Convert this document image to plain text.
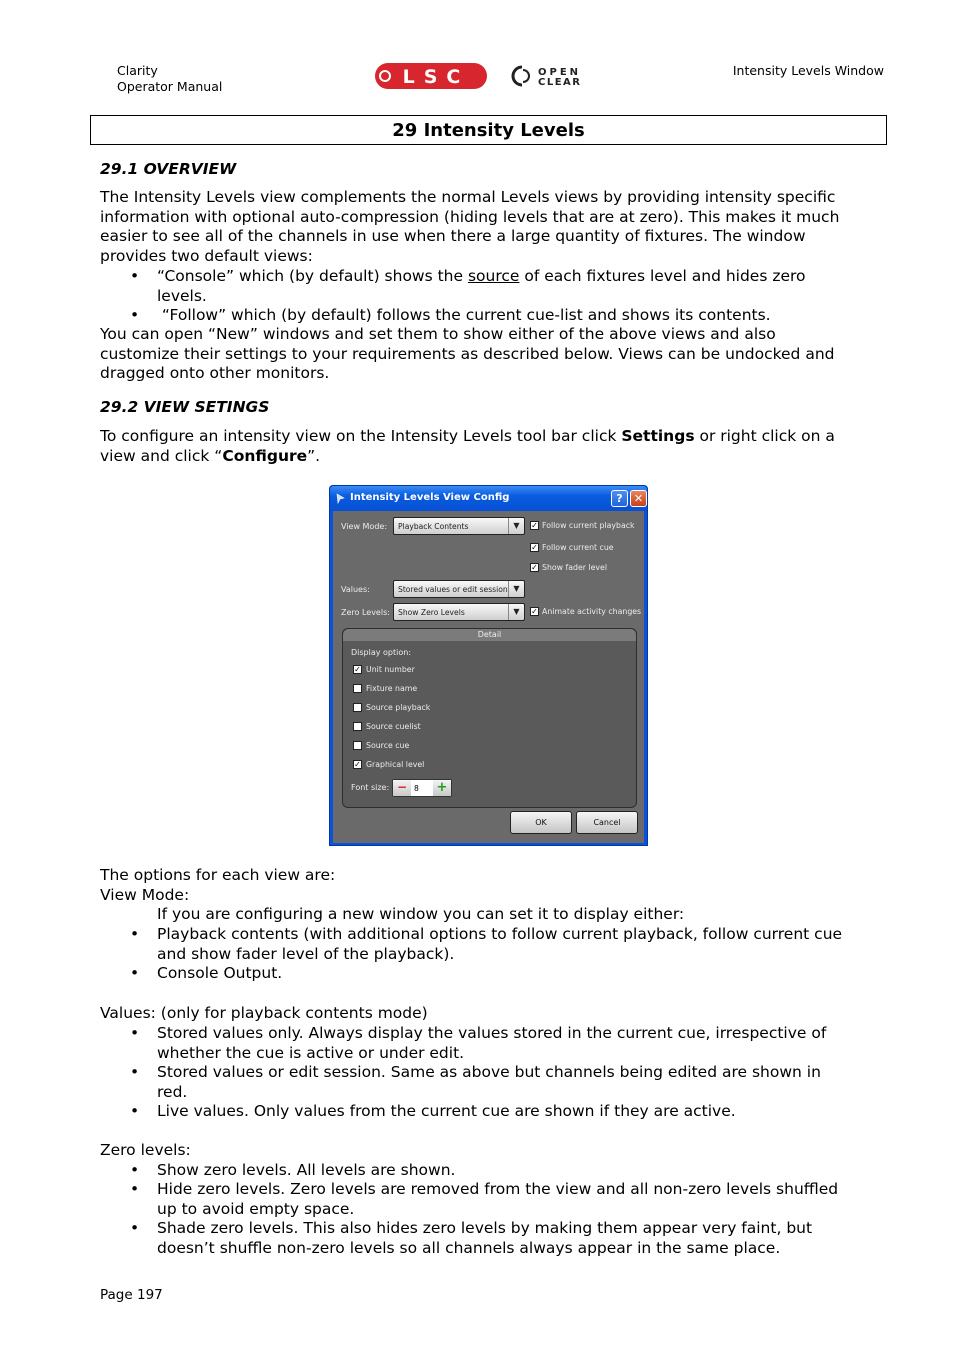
Clarity
Operator Manual	LSC	OPEN
CLEAR
Intensity Levels Window
29 Intensity Levels
29.1 OVERVIEW
The Intensity Levels view complements the normal Levels views by providing intensity specific
information with optional auto-compression (hiding levels that are at zero). This makes it much
easier to see all of the channels in use when there a large quantity of fixtures. The window
provides two default views:
• “Console” which (by default) shows the source of each fixtures level and hides zero
levels.
• “Follow” which (by default) follows the current cue-list and shows its contents.
You can open “New” windows and set them to show either of the above views and also
customize their settings to your requirements as described below. Views can be undocked and
dragged onto other monitors.
29.2 VIEW SETINGS
To configure an intensity view on the Intensity Levels tool bar click Settings or right click on a
view and click “Configure”.
Intensity Levels View Config	?	✕
View Mode: Playback Contents	▼	✓ Follow current playback
✓ Follow current cue
✓ Show fader level
Values:	Stored values or edit session ▼
Zero Levels: Show Zero Levels	▼	✓ Animate activity changes
Detail
Display option:
✓ Unit number
Fixture name
Source playback
Source cuelist
Source cue
✓ Graphical level
Font size: − 8 +
OK	Cancel
The options for each view are:
View Mode:
If you are configuring a new window you can set it to display either:
• Playback contents (with additional options to follow current playback, follow current cue
and show fader level of the playback).
• Console Output.
Values: (only for playback contents mode)
• Stored values only. Always display the values stored in the current cue, irrespective of
whether the cue is active or under edit.
• Stored values or edit session. Same as above but channels being edited are shown in
red.
• Live values. Only values from the current cue are shown if they are active.
Zero levels:
• Show zero levels. All levels are shown.
• Hide zero levels. Zero levels are removed from the view and all non-zero levels shuffled
up to avoid empty space.
• Shade zero levels. This also hides zero levels by making them appear very faint, but
doesn’t shuffle non-zero levels so all channels always appear in the same place.
Page 197
